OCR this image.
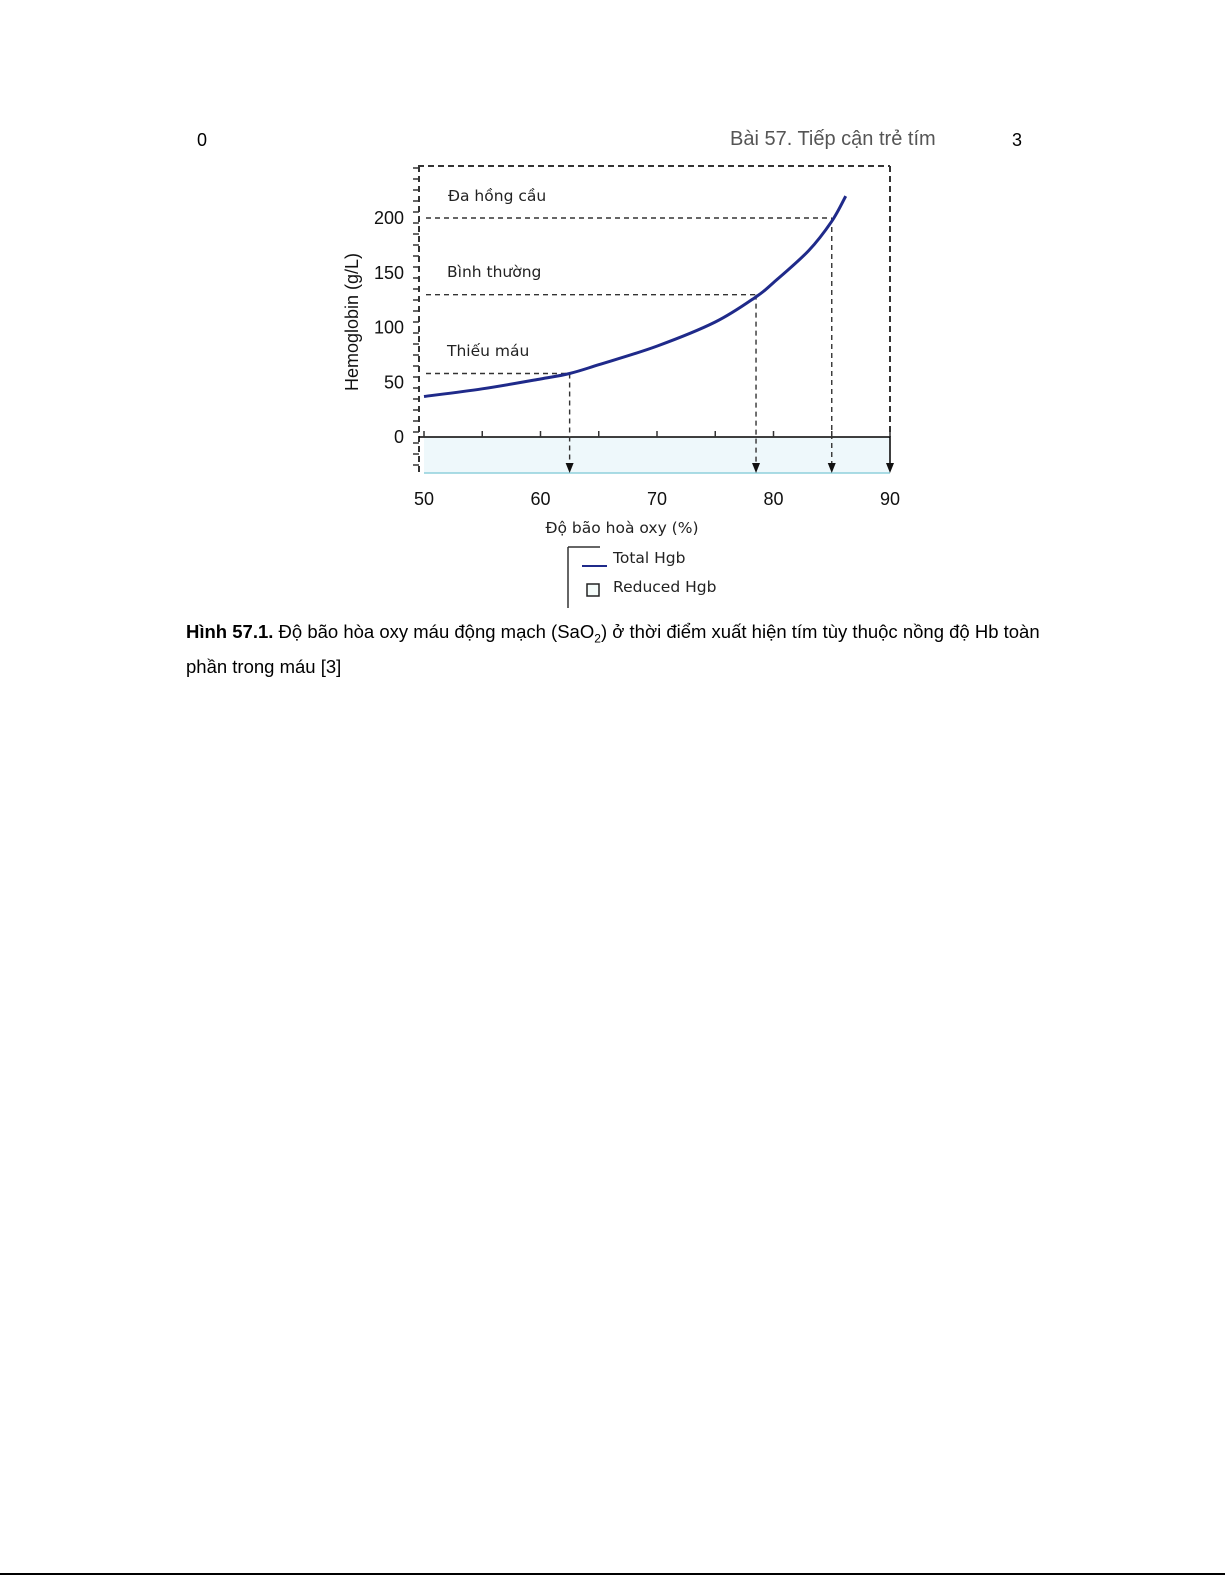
0	Bài 57. Tiếp cận trẻ tím	3
200
150
100
50
0
50	60	70	80	90
Đa hồng cầu
Bình thường
Thiếu máu
Hemoglobin (g/L)
Độ bão hoà oxy (%)
Total Hgb
Reduced Hgb
Hình 57.1. Độ bão hòa oxy máu động mạch (SaO$_2$) ở thời điểm xuất hiện tím tùy thuộc nồng độ Hb toàn phần trong máu [3]
